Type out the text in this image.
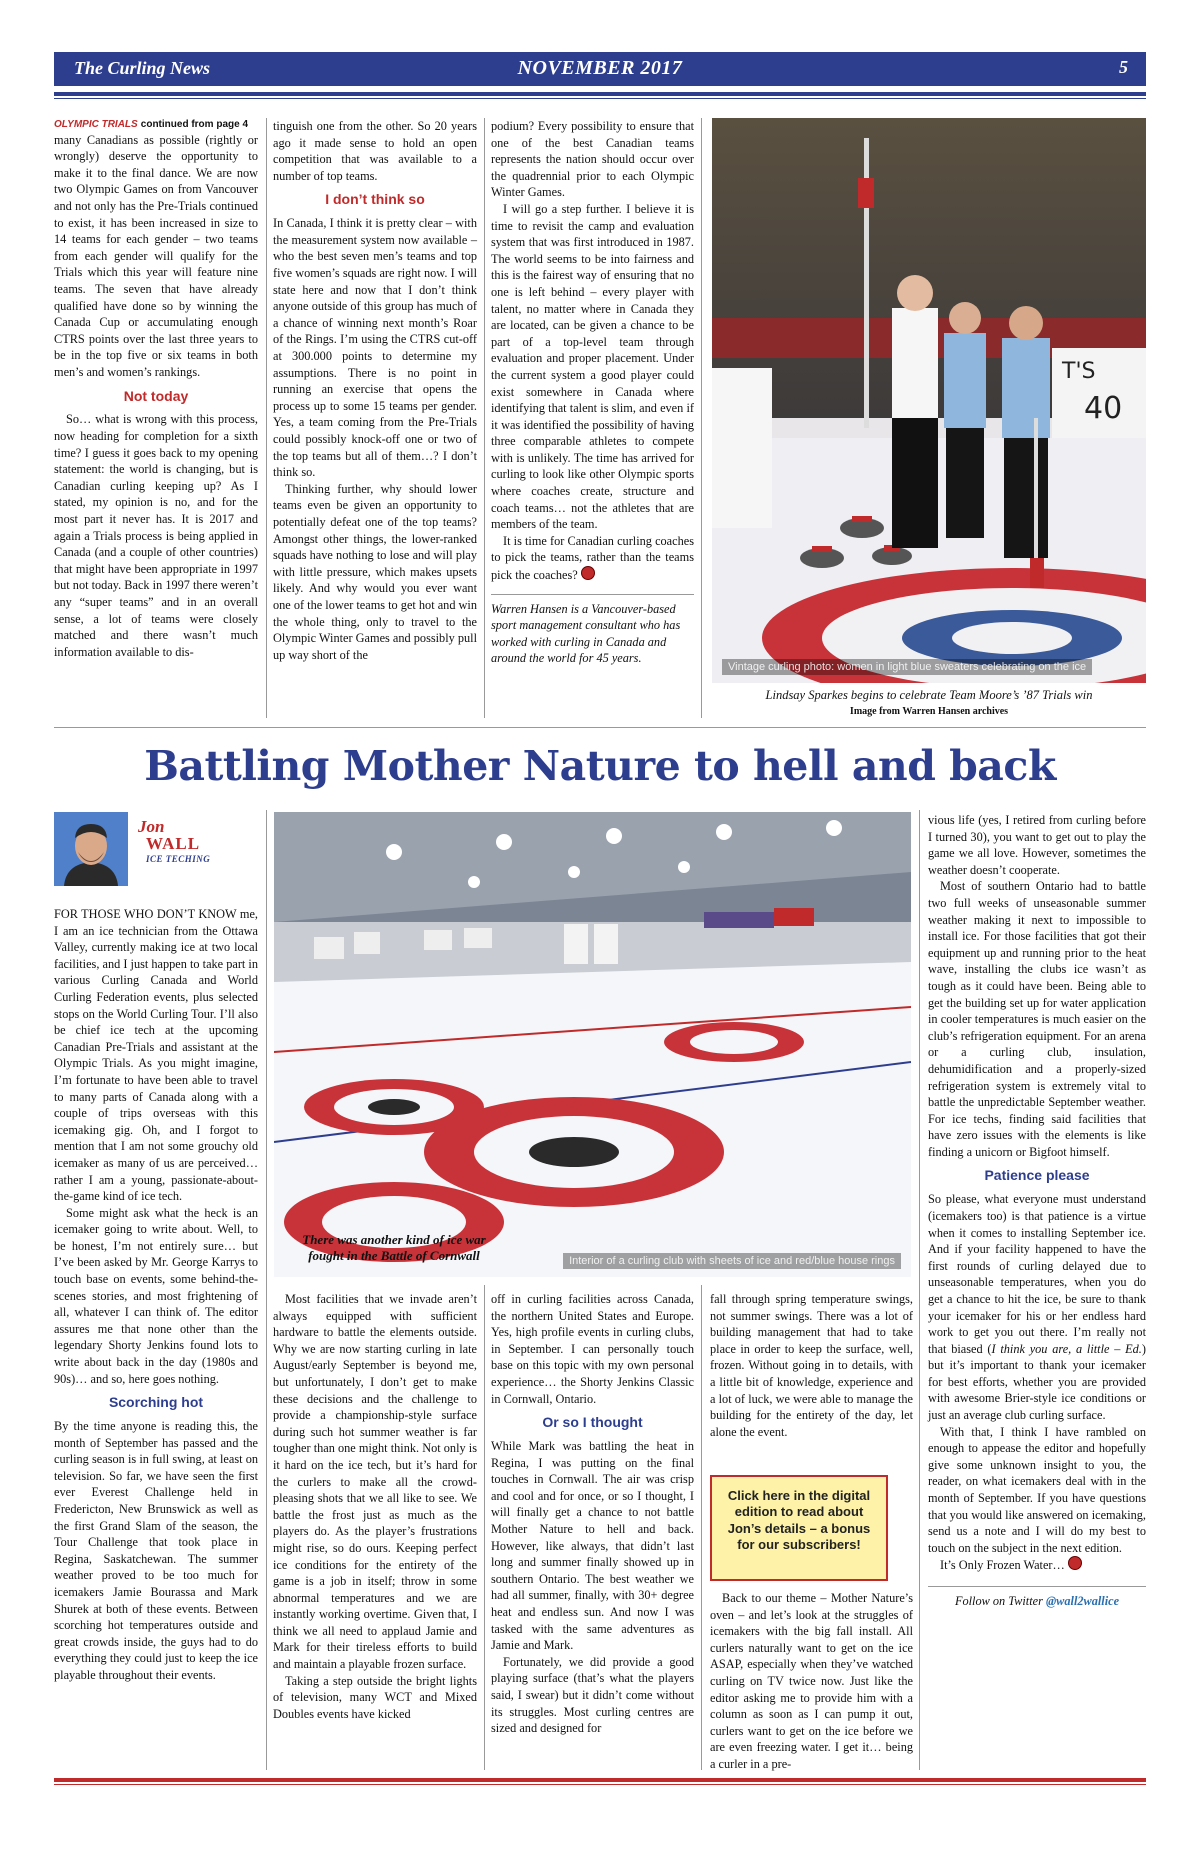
The Curling News	NOVEMBER 2017	5

OLYMPIC TRIALS continued from page 4

many Canadians as possible (rightly or wrongly) deserve the opportunity to make it to the final dance. We are now two Olympic Games on from Vancouver and not only has the Pre-Trials continued to exist, it has been increased in size to 14 teams for each gender – two teams from each gender will qualify for the Trials which this year will feature nine teams. The seven that have already qualified have done so by winning the Canada Cup or accumulating enough CTRS points over the last three years to be in the top five or six teams in both men’s and women’s rankings.

Not today

So… what is wrong with this process, now heading for completion for a sixth time? I guess it goes back to my opening statement: the world is changing, but is Canadian curling keeping up? As I stated, my opinion is no, and for the most part it never has. It is 2017 and again a Trials process is being applied in Canada (and a couple of other countries) that might have been appropriate in 1997 but not today. Back in 1997 there weren’t any “super teams” and in an overall sense, a lot of teams were closely matched and there wasn’t much information available to dis-

tinguish one from the other. So 20 years ago it made sense to hold an open competition that was available to a number of top teams.

I don’t think so

In Canada, I think it is pretty clear – with the measurement system now available – who the best seven men’s teams and top five women’s squads are right now. I will state here and now that I don’t think anyone outside of this group has much of a chance of winning next month’s Roar of the Rings. I’m using the CTRS cut-off at 300.000 points to determine my assumptions. There is no point in running an exercise that opens the process up to some 15 teams per gender. Yes, a team coming from the Pre-Trials could possibly knock-off one or two of the top teams but all of them…? I don’t think so.

Thinking further, why should lower teams even be given an opportunity to potentially defeat one of the top teams? Amongst other things, the lower-ranked squads have nothing to lose and will play with little pressure, which makes upsets likely. And why would you ever want one of the lower teams to get hot and win the whole thing, only to travel to the Olympic Winter Games and possibly pull up way short of the

podium? Every possibility to ensure that one of the best Canadian teams represents the nation should occur over the quadrennial prior to each Olympic Winter Games.

I will go a step further. I believe it is time to revisit the camp and evaluation system that was first introduced in 1987. The world seems to be into fairness and this is the fairest way of ensuring that no one is left behind – every player with talent, no matter where in Canada they are located, can be given a chance to be part of a top-level team through evaluation and proper placement. Under the current system a good player could exist somewhere in Canada where identifying that talent is slim, and even if it was identified the possibility of having three comparable athletes to compete with is unlikely. The time has arrived for curling to look like other Olympic sports where coaches create, structure and coach teams… not the athletes that are members of the team.

It is time for Canadian curling coaches to pick the teams, rather than the teams pick the coaches?

Warren Hansen is a Vancouver-based sport management consultant who has worked with curling in Canada and around the world for 45 years.

T'S
40
Vintage curling photo: women in light blue sweaters celebrating on the ice
Lindsay Sparkes begins to celebrate Team Moore’s ’87 Trials win
Image from Warren Hansen archives
Battling Mother Nature to hell and back
Jon
WALL
ICE TECHING

FOR THOSE WHO DON’T KNOW me, I am an ice technician from the Ottawa Valley, currently making ice at two local facilities, and I just happen to take part in various Curling Canada and World Curling Federation events, plus selected stops on the World Curling Tour. I’ll also be chief ice tech at the upcoming Canadian Pre-Trials and assistant at the Olympic Trials. As you might imagine, I’m fortunate to have been able to travel to many parts of Canada along with a couple of trips overseas with this icemaking gig. Oh, and I forgot to mention that I am not some grouchy old icemaker as many of us are perceived… rather I am a young, passionate-about-the-game kind of ice tech.

Some might ask what the heck is an icemaker going to write about. Well, to be honest, I’m not entirely sure… but I’ve been asked by Mr. George Karrys to touch base on events, some behind-the-scenes stories, and most frightening of all, whatever I can think of. The editor assures me that none other than the legendary Shorty Jenkins found lots to write about back in the day (1980s and 90s)… and so, here goes nothing.

Scorching hot

By the time anyone is reading this, the month of September has passed and the curling season is in full swing, at least on television. So far, we have seen the first ever Everest Challenge held in Fredericton, New Brunswick as well as the first Grand Slam of the season, the Tour Challenge that took place in Regina, Saskatchewan. The summer weather proved to be too much for icemakers Jamie Bourassa and Mark Shurek at both of these events. Between scorching hot temperatures outside and great crowds inside, the guys had to do everything they could just to keep the ice playable throughout their events.

Interior of a curling club with sheets of ice and red/blue house rings
There was another kind of ice war fought in the Battle of Cornwall

Most facilities that we invade aren’t always equipped with sufficient hardware to battle the elements outside. Why we are now starting curling in late August/early September is beyond me, but unfortunately, I don’t get to make these decisions and the challenge to provide a championship-style surface during such hot summer weather is far tougher than one might think. Not only is it hard on the ice tech, but it’s hard for the curlers to make all the crowd-pleasing shots that we all like to see. We battle the frost just as much as the players do. As the player’s frustrations might rise, so do ours. Keeping perfect ice conditions for the entirety of the game is a job in itself; throw in some abnormal temperatures and we are instantly working overtime. Given that, I think we all need to applaud Jamie and Mark for their tireless efforts to build and maintain a playable frozen surface.

Taking a step outside the bright lights of television, many WCT and Mixed Doubles events have kicked

off in curling facilities across Canada, the northern United States and Europe. Yes, high profile events in curling clubs, in September. I can personally touch base on this topic with my own personal experience… the Shorty Jenkins Classic in Cornwall, Ontario.

Or so I thought

While Mark was battling the heat in Regina, I was putting on the final touches in Cornwall. The air was crisp and cool and for once, or so I thought, I will finally get a chance to not battle Mother Nature to hell and back. However, like always, that didn’t last long and summer finally showed up in southern Ontario. The best weather we had all summer, finally, with 30+ degree heat and endless sun. And now I was tasked with the same adventures as Jamie and Mark.

Fortunately, we did provide a good playing surface (that’s what the players said, I swear) but it didn’t come without its struggles. Most curling centres are sized and designed for

fall through spring temperature swings, not summer swings. There was a lot of building management that had to take place in order to keep the surface, well, frozen. Without going in to details, with a little bit of knowledge, experience and a lot of luck, we were able to manage the building for the entirety of the day, let alone the event.

Click here in the digital edition to read about Jon’s details – a bonus for our subscribers!

Back to our theme – Mother Nature’s oven – and let’s look at the struggles of icemakers with the big fall install. All curlers naturally want to get on the ice ASAP, especially when they’ve watched curling on TV twice now. Just like the editor asking me to provide him with a column as soon as I can pump it out, curlers want to get on the ice before we are even freezing water. I get it… being a curler in a pre-

vious life (yes, I retired from curling before I turned 30), you want to get out to play the game we all love. However, sometimes the weather doesn’t cooperate.

Most of southern Ontario had to battle two full weeks of unseasonable summer weather making it next to impossible to install ice. For those facilities that got their equipment up and running prior to the heat wave, installing the clubs ice wasn’t as tough as it could have been. Being able to get the building set up for water application in cooler temperatures is much easier on the club’s refrigeration equipment. For an arena or a curling club, insulation, dehumidification and a properly-sized refrigeration system is extremely vital to battle the unpredictable September weather. For ice techs, finding said facilities that have zero issues with the elements is like finding a unicorn or Bigfoot himself.

Patience please

So please, what everyone must understand (icemakers too) is that patience is a virtue when it comes to installing September ice. And if your facility happened to have the first rounds of curling delayed due to unseasonable temperatures, when you do get a chance to hit the ice, be sure to thank your icemaker for his or her endless hard work to get you out there. I’m really not that biased (I think you are, a little – Ed.) but it’s important to thank your icemaker for best efforts, whether you are provided with awesome Brier-style ice conditions or just an average club curling surface.

With that, I think I have rambled on enough to appease the editor and hopefully give some unknown insight to you, the reader, on what icemakers deal with in the month of September. If you have questions that you would like answered on icemaking, send us a note and I will do my best to touch on the subject in the next edition.

It’s Only Frozen Water…

Follow on Twitter @wall2wallice
